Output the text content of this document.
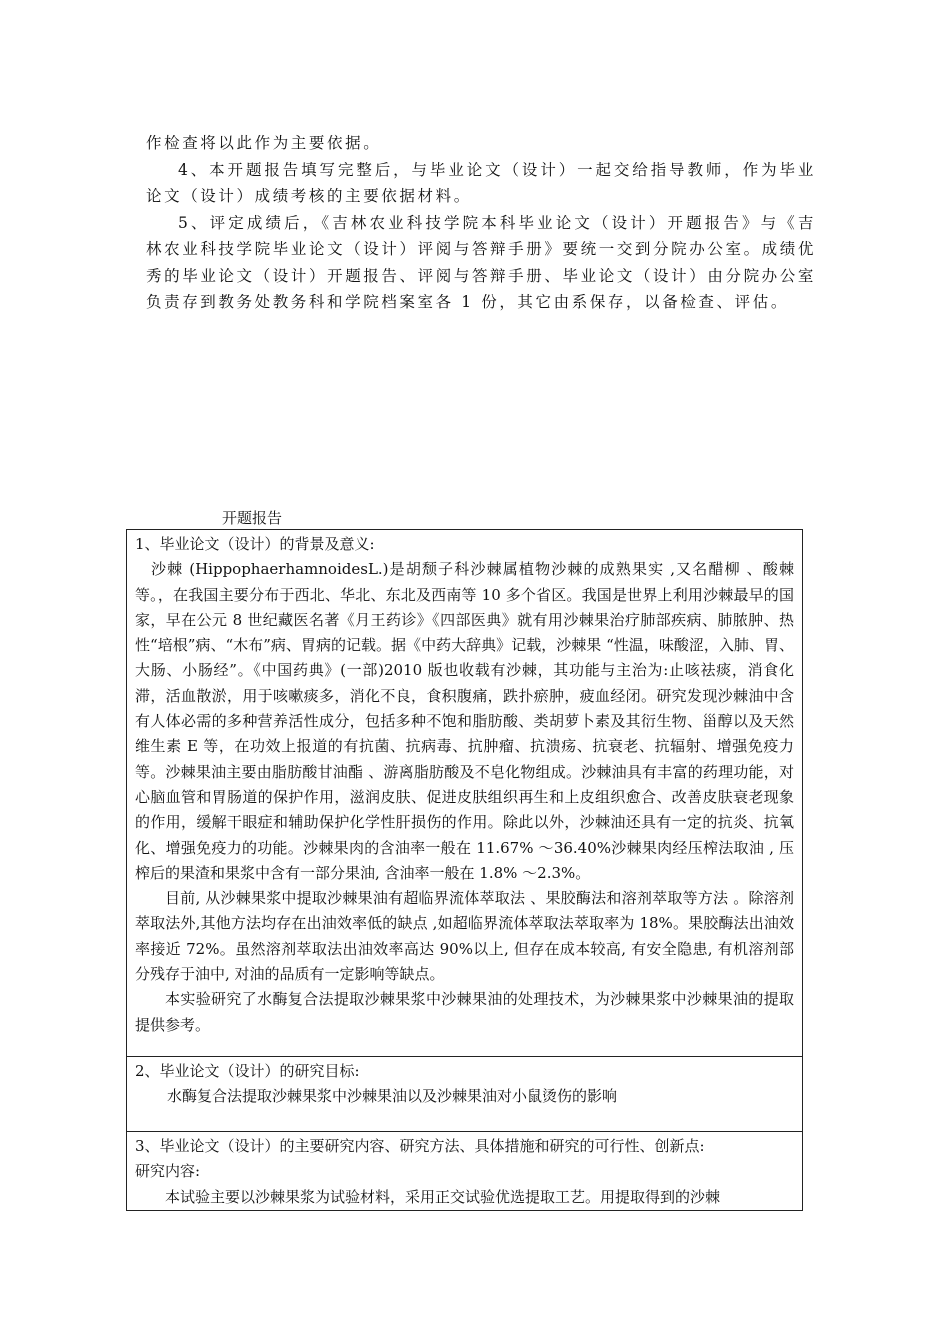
作检查将以此作为主要依据。

4、本开题报告填写完整后，与毕业论文（设计）一起交给指导教师，作为毕业论文（设计）成绩考核的主要依据材料。

5、评定成绩后，《吉林农业科技学院本科毕业论文（设计）开题报告》与《吉林农业科技学院毕业论文（设计）评阅与答辩手册》要统一交到分院办公室。成绩优秀的毕业论文（设计）开题报告、评阅与答辩手册、毕业论文（设计）由分院办公室负责存到教务处教务科和学院档案室各 1 份，其它由系保存，以备检查、评估。

开题报告

1、毕业论文（设计）的背景及意义:

沙棘 (HippophaerhamnoidesL.)是胡颓子科沙棘属植物沙棘的成熟果实 ,又名醋柳 、酸棘等。，在我国主要分布于西北、华北、东北及西南等 10 多个省区。我国是世界上利用沙棘最早的国家，早在公元 8 世纪藏医名著《月王药诊》《四部医典》就有用沙棘果治疗肺部疾病、肺脓肿、热性“培根”病、“木布”病、胃病的记载。据《中药大辞典》记载，沙棘果 “性温，味酸涩，入肺、胃、大肠、小肠经”。《中国药典》(一部)2010 版也收载有沙棘，其功能与主治为:止咳祛痰，消食化滞，活血散淤，用于咳嗽痰多，消化不良，食积腹痛，跌扑瘀肿，疲血经闭。研究发现沙棘油中含有人体必需的多种营养活性成分，包括多种不饱和脂肪酸、类胡萝卜素及其衍生物、甾醇以及天然维生素 E 等，在功效上报道的有抗菌、抗病毒、抗肿瘤、抗溃疡、抗衰老、抗辐射、增强免疫力等。沙棘果油主要由脂肪酸甘油酯 、游离脂肪酸及不皂化物组成。沙棘油具有丰富的药理功能，对心脑血管和胃肠道的保护作用，滋润皮肤、促进皮肤组织再生和上皮组织愈合、改善皮肤衰老现象的作用，缓解干眼症和辅助保护化学性肝损伤的作用。除此以外，沙棘油还具有一定的抗炎、抗氧化、增强免疫力的功能。沙棘果肉的含油率一般在 11.67% ～36.40%沙棘果肉经压榨法取油 , 压榨后的果渣和果浆中含有一部分果油, 含油率一般在 1.8% ～2.3%。

目前, 从沙棘果浆中提取沙棘果油有超临界流体萃取法 、果胶酶法和溶剂萃取等方法 。除溶剂萃取法外,其他方法均存在出油效率低的缺点 ,如超临界流体萃取法萃取率为 18%。果胶酶法出油效率接近 72%。虽然溶剂萃取法出油效率高达 90%以上, 但存在成本较高, 有安全隐患, 有机溶剂部分残存于油中, 对油的品质有一定影响等缺点。

本实验研究了水酶复合法提取沙棘果浆中沙棘果油的处理技术，为沙棘果浆中沙棘果油的提取提供参考。

2、毕业论文（设计）的研究目标:

水酶复合法提取沙棘果浆中沙棘果油以及沙棘果油对小鼠烫伤的影响

3、毕业论文（设计）的主要研究内容、研究方法、具体措施和研究的可行性、创新点:

研究内容:

本试验主要以沙棘果浆为试验材料，采用正交试验优选提取工艺。用提取得到的沙棘
